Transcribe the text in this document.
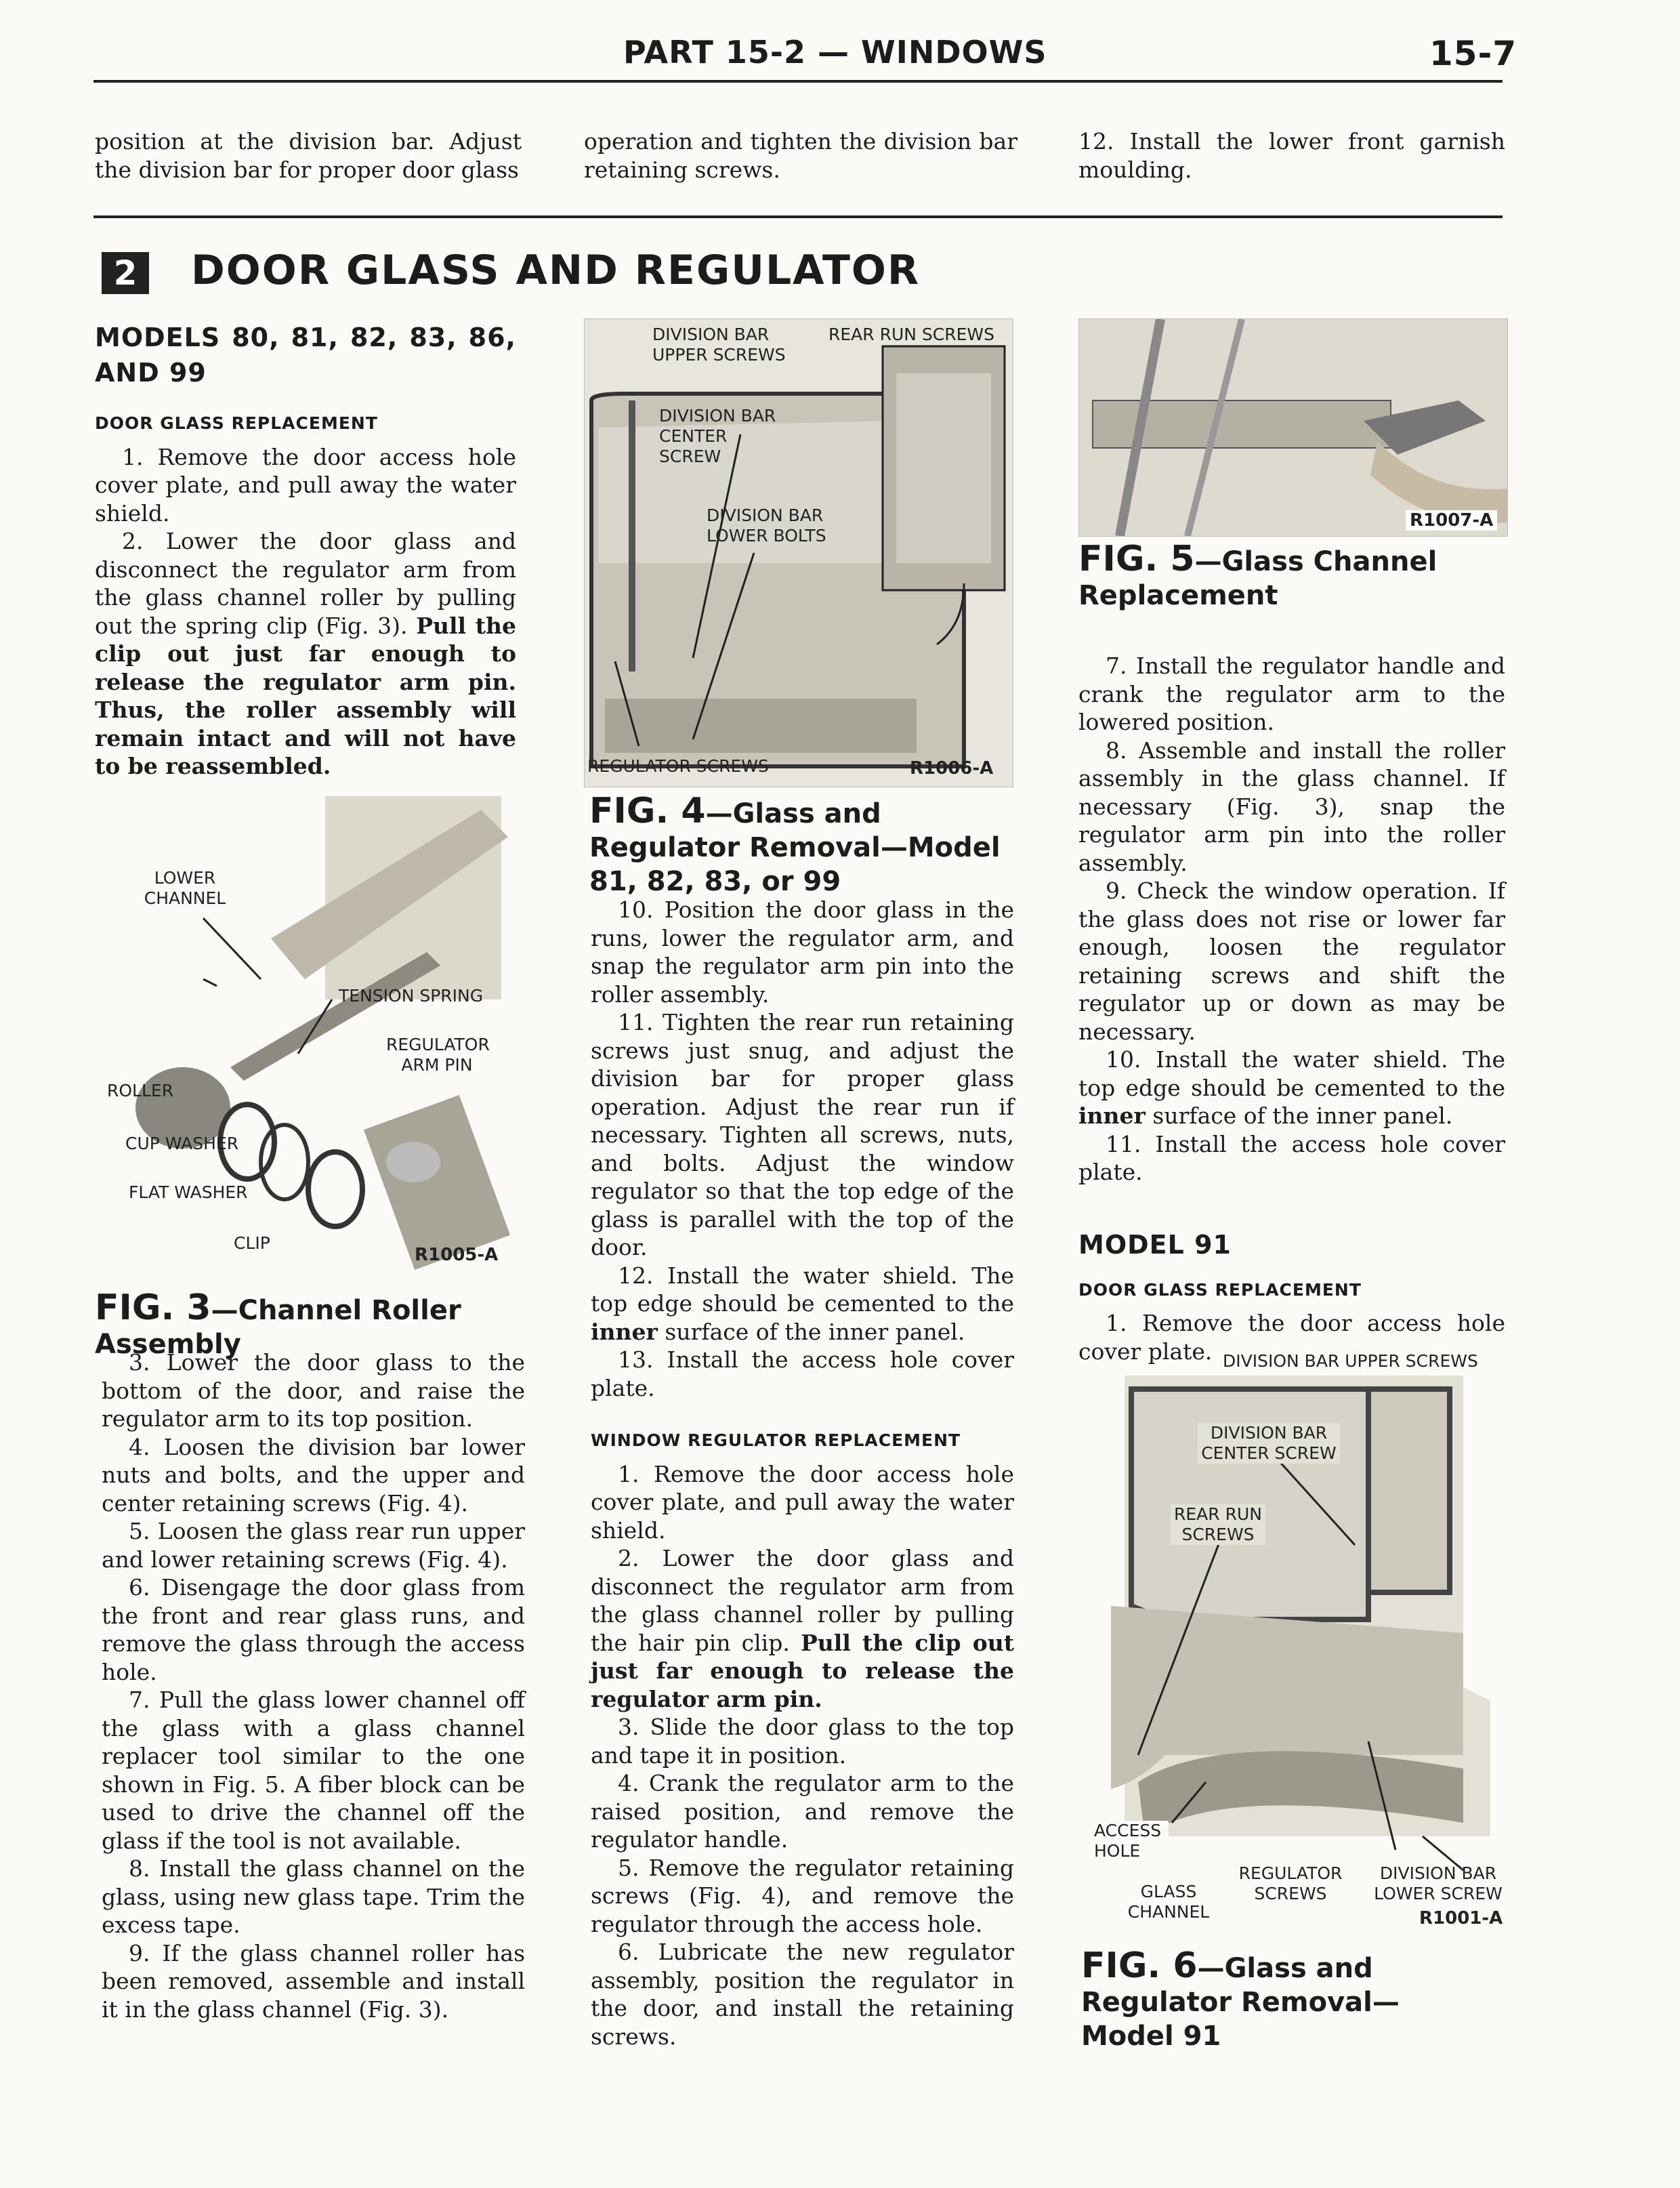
PART 15-2 — WINDOWS	15-7
position at the division bar. Adjust the division bar for proper door glass
operation and tighten the division bar retaining screws.
12. Install the lower front garnish moulding.
2 DOOR GLASS AND REGULATOR
MODELS 80, 81, 82, 83, 86, AND 99
DOOR GLASS REPLACEMENT

1. Remove the door access hole cover plate, and pull away the water shield.

2. Lower the door glass and disconnect the regulator arm from the glass channel roller by pulling out the spring clip (Fig. 3). Pull the clip out just far enough to release the regulator arm pin. Thus, the roller assembly will remain intact and will not have to be reassembled.

LOWER CHANNEL
TENSION SPRING
REGULATOR ARM PIN
ROLLER
CUP WASHER
FLAT WASHER
CLIP
R1005-A
FIG. 3—Channel Roller Assembly

3. Lower the door glass to the bottom of the door, and raise the regulator arm to its top position.

4. Loosen the division bar lower nuts and bolts, and the upper and center retaining screws (Fig. 4).

5. Loosen the glass rear run upper and lower retaining screws (Fig. 4).

6. Disengage the door glass from the front and rear glass runs, and remove the glass through the access hole.

7. Pull the glass lower channel off the glass with a glass channel replacer tool similar to the one shown in Fig. 5. A fiber block can be used to drive the channel off the glass if the tool is not available.

8. Install the glass channel on the glass, using new glass tape. Trim the excess tape.

9. If the glass channel roller has been removed, assemble and install it in the glass channel (Fig. 3).

DIVISION BAR UPPER SCREWS
REAR RUN SCREWS
DIVISION BAR CENTER SCREW
DIVISION BAR LOWER BOLTS
REGULATOR SCREWS	R1006-A
FIG. 4—Glass and Regulator Removal—Model 81, 82, 83, or 99

10. Position the door glass in the runs, lower the regulator arm, and snap the regulator arm pin into the roller assembly.

11. Tighten the rear run retaining screws just snug, and adjust the division bar for proper glass operation. Adjust the rear run if necessary. Tighten all screws, nuts, and bolts. Adjust the window regulator so that the top edge of the glass is parallel with the top of the door.

12. Install the water shield. The top edge should be cemented to the inner surface of the inner panel.

13. Install the access hole cover plate.

WINDOW REGULATOR REPLACEMENT

1. Remove the door access hole cover plate, and pull away the water shield.

2. Lower the door glass and disconnect the regulator arm from the glass channel roller by pulling the hair pin clip. Pull the clip out just far enough to release the regulator arm pin.

3. Slide the door glass to the top and tape it in position.

4. Crank the regulator arm to the raised position, and remove the regulator handle.

5. Remove the regulator retaining screws (Fig. 4), and remove the regulator through the access hole.

6. Lubricate the new regulator assembly, position the regulator in the door, and install the retaining screws.

R1007-A
FIG. 5—Glass Channel Replacement

7. Install the regulator handle and crank the regulator arm to the lowered position.

8. Assemble and install the roller assembly in the glass channel. If necessary (Fig. 3), snap the regulator arm pin into the roller assembly.

9. Check the window operation. If the glass does not rise or lower far enough, loosen the regulator retaining screws and shift the regulator up or down as may be necessary.

10. Install the water shield. The top edge should be cemented to the inner surface of the inner panel.

11. Install the access hole cover plate.

MODEL 91
DOOR GLASS REPLACEMENT

1. Remove the door access hole cover plate. DIVISION BAR UPPER SCREWS
DIVISION BAR CENTER SCREW
REAR RUN SCREWS
ACCESS HOLE
REGULATOR SCREWS
DIVISION BAR LOWER SCREW
GLASS CHANNEL	R1001-A
FIG. 6—Glass and Regulator Removal—Model 91
